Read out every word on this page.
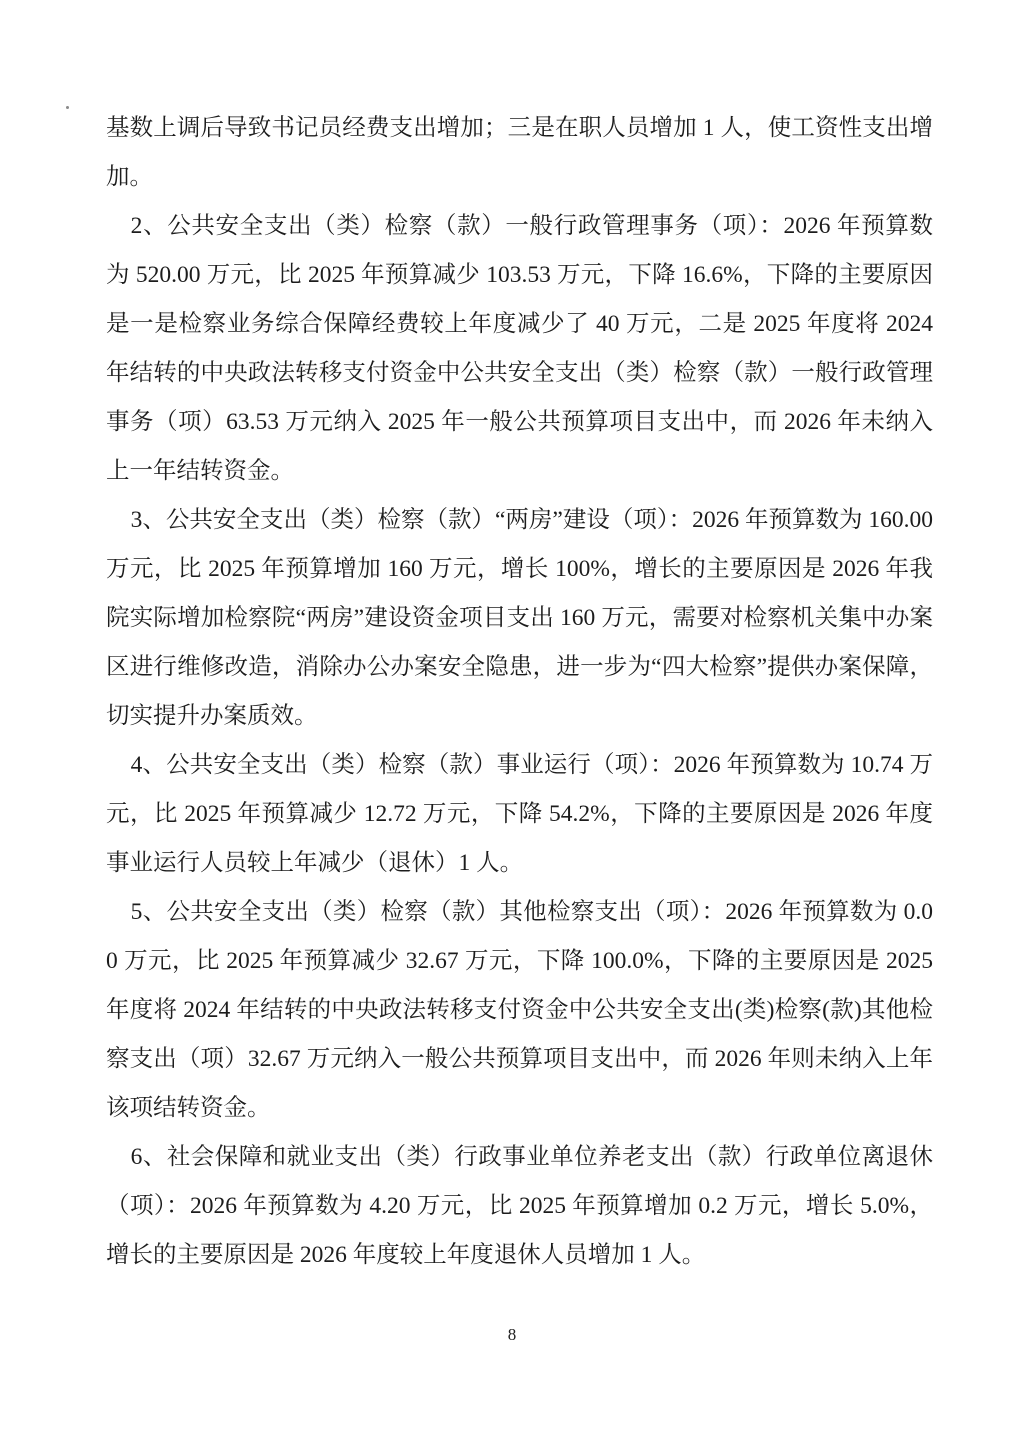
基数上调后导致书记员经费支出增加；三是在职人员增加 1 人，使工资性支出增加。

2、公共安全支出（类）检察（款）一般行政管理事务（项）：2026 年预算数为 520.00 万元，比 2025 年预算减少 103.53 万元，下降 16.6%，下降的主要原因是一是检察业务综合保障经费较上年度减少了 40 万元，二是 2025 年度将 2024 年结转的中央政法转移支付资金中公共安全支出（类）检察（款）一般行政管理事务（项）63.53 万元纳入 2025 年一般公共预算项目支出中，而 2026 年未纳入上一年结转资金。

3、公共安全支出（类）检察（款）“两房”建设（项）：2026 年预算数为 160.00 万元，比 2025 年预算增加 160 万元，增长 100%，增长的主要原因是 2026 年我院实际增加检察院“两房”建设资金项目支出 160 万元，需要对检察机关集中办案区进行维修改造，消除办公办案安全隐患，进一步为“四大检察”提供办案保障，切实提升办案质效。

4、公共安全支出（类）检察（款）事业运行（项）：2026 年预算数为 10.74 万元，比 2025 年预算减少 12.72 万元，下降 54.2%，下降的主要原因是 2026 年度事业运行人员较上年减少（退休）1 人。

5、公共安全支出（类）检察（款）其他检察支出（项）：2026 年预算数为 0.00 万元，比 2025 年预算减少 32.67 万元，下降 100.0%，下降的主要原因是 2025 年度将 2024 年结转的中央政法转移支付资金中公共安全支出(类)检察(款)其他检察支出（项）32.67 万元纳入一般公共预算项目支出中，而 2026 年则未纳入上年该项结转资金。

6、社会保障和就业支出（类）行政事业单位养老支出（款）行政单位离退休（项）：2026 年预算数为 4.20 万元，比 2025 年预算增加 0.2 万元，增长 5.0%，增长的主要原因是 2026 年度较上年度退休人员增加 1 人。

8
